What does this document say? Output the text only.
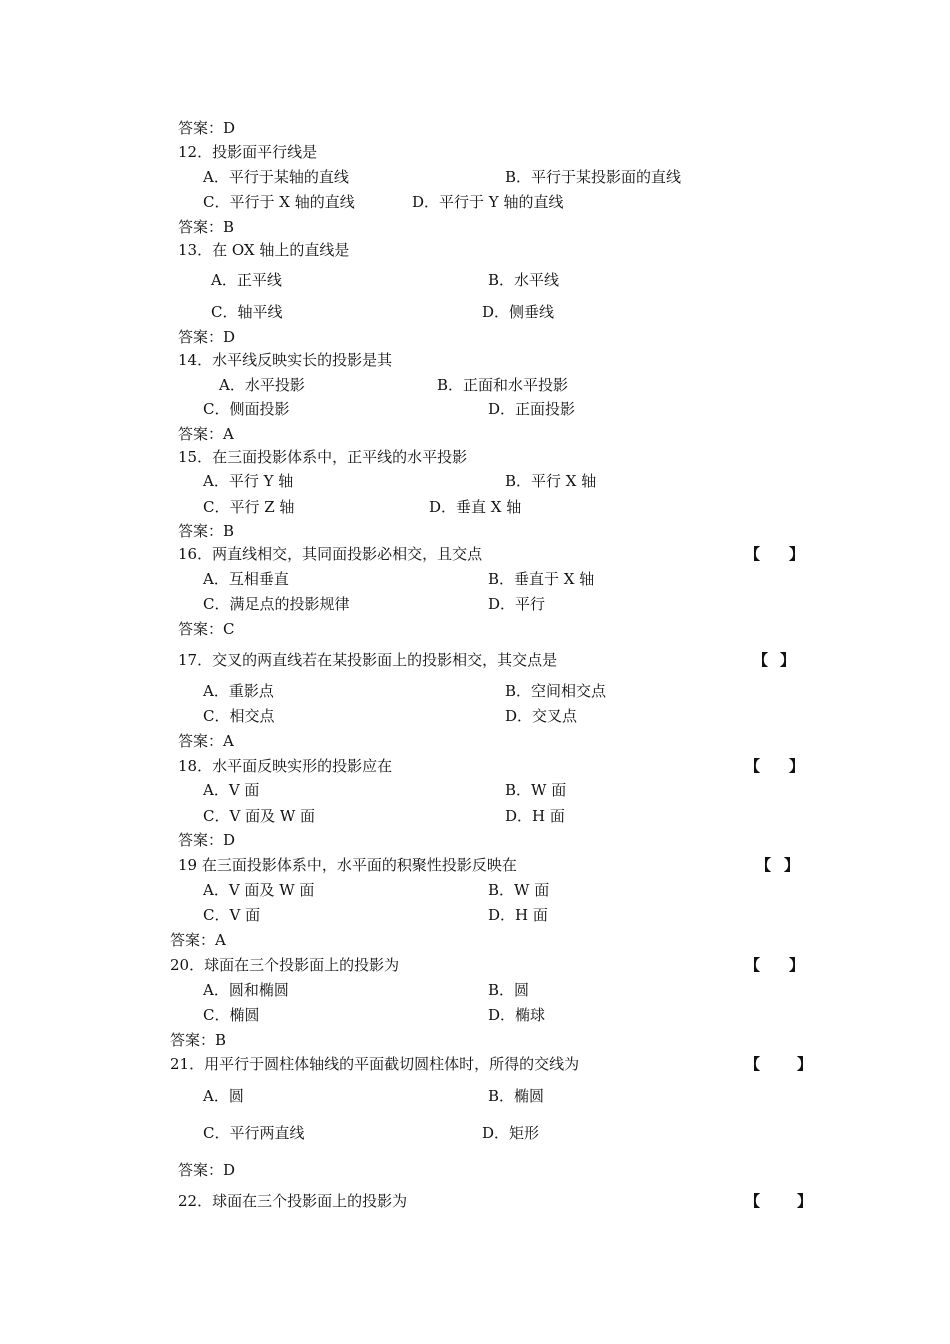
答案：D
12．投影面平行线是
A．平行于某轴的直线	B．平行于某投影面的直线
C．平行于 X 轴的直线	D．平行于 Y 轴的直线
答案：B
13．在 OX 轴上的直线是
A．正平线	B．水平线
C．轴平线	D．侧垂线
答案：D
14．水平线反映实长的投影是其
A．水平投影	B．正面和水平投影
C．侧面投影	D．正面投影
答案：A
15．在三面投影体系中，正平线的水平投影
A．平行 Y 轴	B．平行 X 轴
C．平行 Z 轴	D．垂直 X 轴
答案：B
16．两直线相交，其同面投影必相交，且交点	【 】
A．互相垂直	B．垂直于 X 轴
C．满足点的投影规律	D．平行
答案：C
17．交叉的两直线若在某投影面上的投影相交，其交点是	【 】
A．重影点	B．空间相交点
C．相交点	D．交叉点
答案：A
18．水平面反映实形的投影应在	【 】
A．V 面	B．W 面
C．V 面及 W 面	D．H 面
答案：D
19 在三面投影体系中，水平面的积聚性投影反映在	【 】
A．V 面及 W 面	B．W 面
C．V 面	D．H 面
答案：A
20．球面在三个投影面上的投影为	【 】
A．圆和椭圆	B．圆
C．椭圆	D．椭球
答案：B
21．用平行于圆柱体轴线的平面截切圆柱体时，所得的交线为	【 】
A．圆	B．椭圆
C．平行两直线	D．矩形
答案：D
22．球面在三个投影面上的投影为	【 】
